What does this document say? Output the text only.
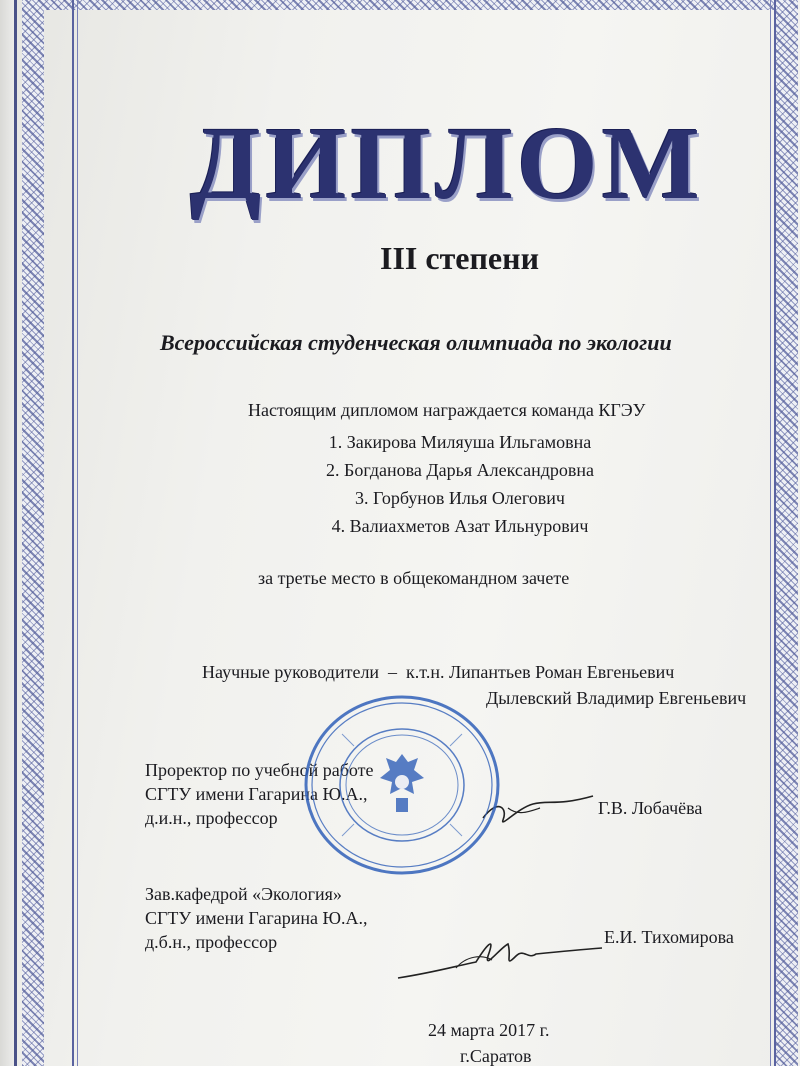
ДИПЛОМ
III степени
Всероссийская студенческая олимпиада по экологии
Настоящим дипломом награждается команда КГЭУ
1. Закирова Миляуша Ильгамовна
2. Богданова Дарья Александровна
3. Горбунов Илья Олегович
4. Валиахметов Азат Ильнурович
за третье место в общекомандном зачете
Научные руководители  –  к.т.н. Липантьев Роман Евгеньевич
Дылевский Владимир Евгеньевич
Проректор по учебной работе
СГТУ имени Гагарина Ю.А.,
д.и.н., профессор	Г.В. Лобачёва
Зав.кафедрой «Экология»
СГТУ имени Гагарина Ю.А.,
д.б.н., профессор	Е.И. Тихомирова
24 марта 2017 г.
г.Саратов
